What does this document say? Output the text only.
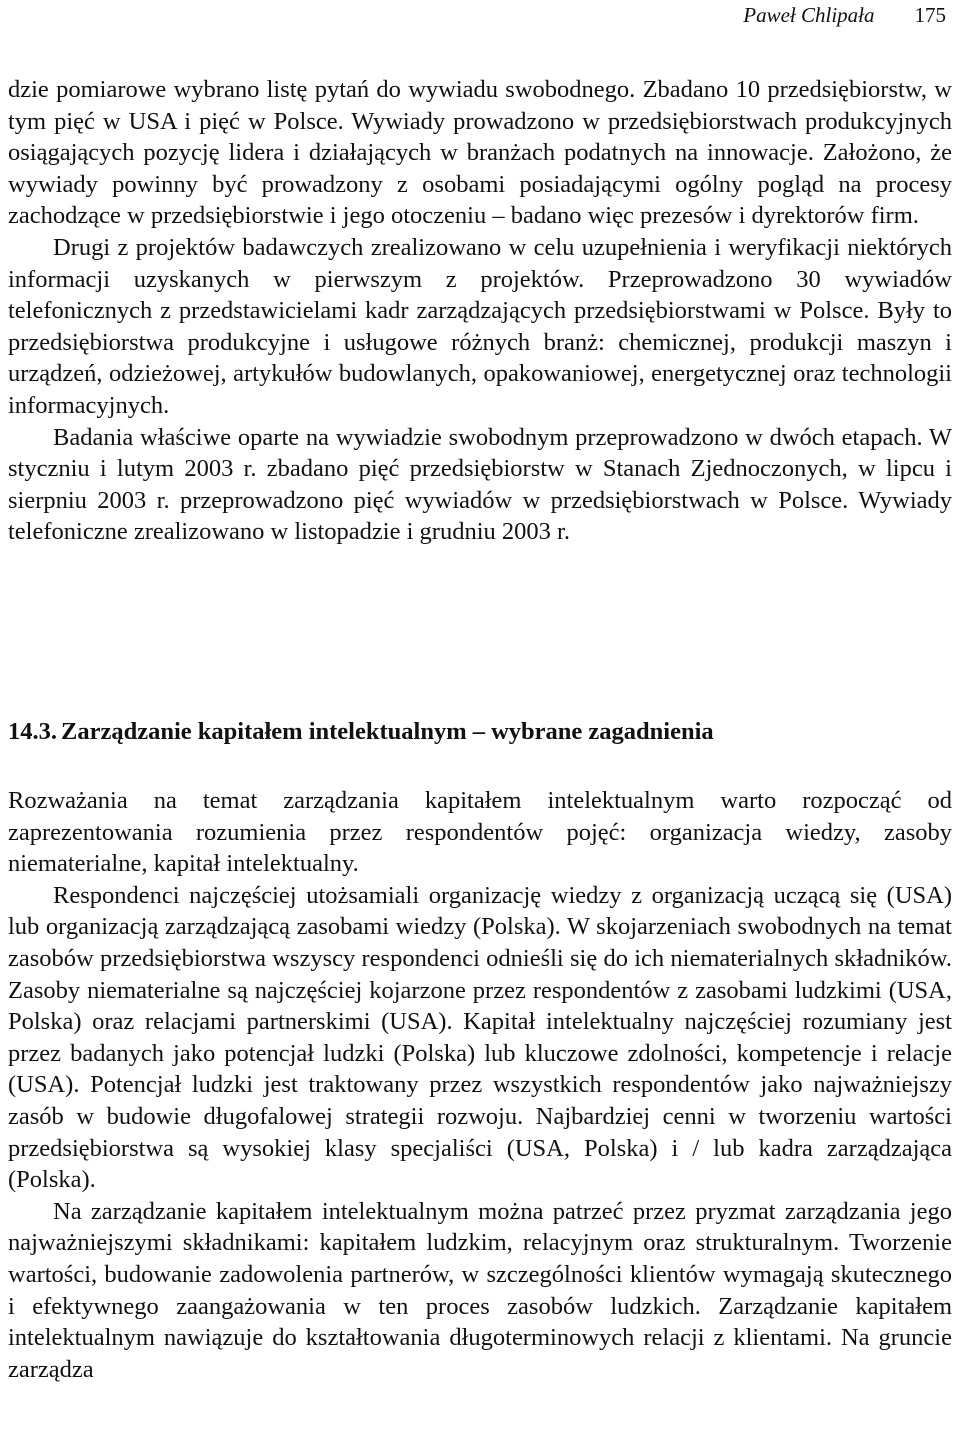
Paweł Chlipała 175

dzie pomiarowe wybrano listę pytań do wywiadu swobodnego. Zbadano 10 przedsiębiorstw, w tym pięć w USA i pięć w Polsce. Wywiady prowadzono w przedsiębiorstwach produkcyjnych osiągających pozycję lidera i działających w branżach podatnych na innowacje. Założono, że wywiady powinny być prowadzony z osobami posiadającymi ogólny pogląd na procesy zachodzące w przedsiębiorstwie i jego otoczeniu – badano więc prezesów i dyrektorów firm.

Drugi z projektów badawczych zrealizowano w celu uzupełnienia i weryfikacji niektórych informacji uzyskanych w pierwszym z projektów. Przeprowadzono 30 wywiadów telefonicznych z przedstawicielami kadr zarządzających przedsiębiorstwami w Polsce. Były to przedsiębiorstwa produkcyjne i usługowe różnych branż: chemicznej, produkcji maszyn i urządzeń, odzieżowej, artykułów budowlanych, opakowaniowej, energetycznej oraz technologii informacyjnych.

Badania właściwe oparte na wywiadzie swobodnym przeprowadzono w dwóch etapach. W styczniu i lutym 2003 r. zbadano pięć przedsiębiorstw w Stanach Zjednoczonych, w lipcu i sierpniu 2003 r. przeprowadzono pięć wywiadów w przedsiębiorstwach w Polsce. Wywiady telefoniczne zrealizowano w listopadzie i grudniu 2003 r.

14.3. Zarządzanie kapitałem intelektualnym – wybrane zagadnienia

Rozważania na temat zarządzania kapitałem intelektualnym warto rozpocząć od zaprezentowania rozumienia przez respondentów pojęć: organizacja wiedzy, zasoby niematerialne, kapitał intelektualny.

Respondenci najczęściej utożsamiali organizację wiedzy z organizacją uczącą się (USA) lub organizacją zarządzającą zasobami wiedzy (Polska). W skojarzeniach swobodnych na temat zasobów przedsiębiorstwa wszyscy respondenci odnieśli się do ich niematerialnych składników. Zasoby niematerialne są najczęściej kojarzone przez respondentów z zasobami ludzkimi (USA, Polska) oraz relacjami partnerskimi (USA). Kapitał intelektualny najczęściej rozumiany jest przez badanych jako potencjał ludzki (Polska) lub kluczowe zdolności, kompetencje i relacje (USA). Potencjał ludzki jest traktowany przez wszystkich respondentów jako najważniejszy zasób w budowie długofalowej strategii rozwoju. Najbardziej cenni w tworzeniu wartości przedsiębiorstwa są wysokiej klasy specjaliści (USA, Polska) i / lub kadra zarządzająca (Polska).

Na zarządzanie kapitałem intelektualnym można patrzeć przez pryzmat zarządzania jego najważniejszymi składnikami: kapitałem ludzkim, relacyjnym oraz strukturalnym. Tworzenie wartości, budowanie zadowolenia partnerów, w szczególności klientów wymagają skutecznego i efektywnego zaangażowania w ten proces zasobów ludzkich. Zarządzanie kapitałem intelektualnym nawiązuje do kształtowania długoterminowych relacji z klientami. Na gruncie zarządza
